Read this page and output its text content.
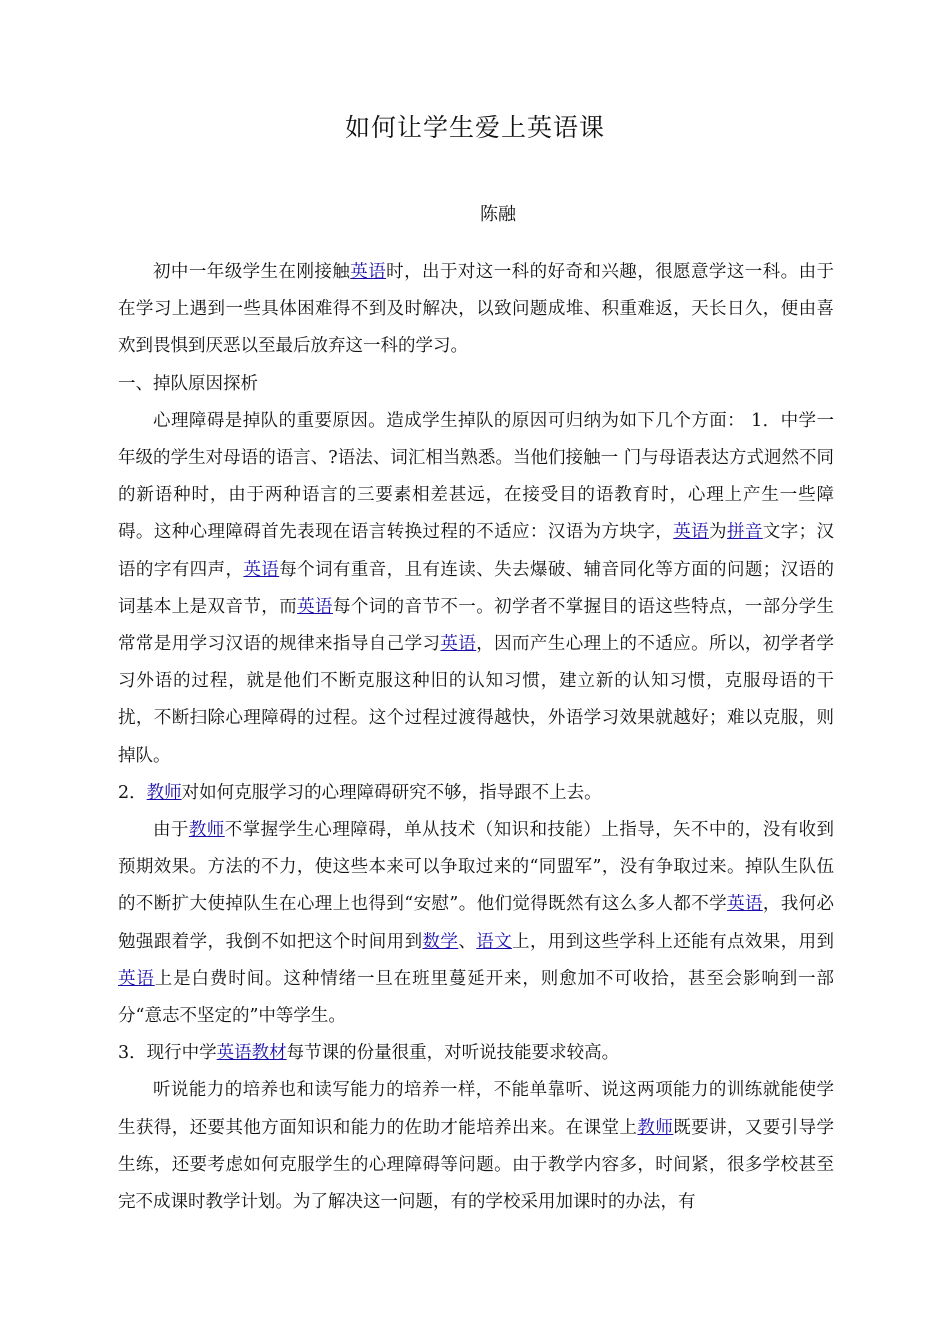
如何让学生爱上英语课
陈融

初中一年级学生在刚接触英语时，出于对这一科的好奇和兴趣，很愿意学这一科。由于在学习上遇到一些具体困难得不到及时解决，以致问题成堆、积重难返，天长日久，便由喜欢到畏惧到厌恶以至最后放弃这一科的学习。

一、掉队原因探析

心理障碍是掉队的重要原因。造成学生掉队的原因可归纳为如下几个方面： 1．中学一年级的学生对母语的语言、?语法、词汇相当熟悉。当他们接触一 门与母语表达方式迥然不同的新语种时，由于两种语言的三要素相差甚远，在接受目的语教育时，心理上产生一些障碍。这种心理障碍首先表现在语言转换过程的不适应：汉语为方块字，英语为拼音文字；汉语的字有四声，英语每个词有重音，且有连读、失去爆破、辅音同化等方面的问题；汉语的词基本上是双音节，而英语每个词的音节不一。初学者不掌握目的语这些特点，一部分学生常常是用学习汉语的规律来指导自己学习英语，因而产生心理上的不适应。所以，初学者学习外语的过程，就是他们不断克服这种旧的认知习惯，建立新的认知习惯，克服母语的干扰，不断扫除心理障碍的过程。这个过程过渡得越快，外语学习效果就越好；难以克服，则掉队。

2．教师对如何克服学习的心理障碍研究不够，指导跟不上去。

由于教师不掌握学生心理障碍，单从技术（知识和技能）上指导，矢不中的，没有收到预期效果。方法的不力，使这些本来可以争取过来的“同盟军”，没有争取过来。掉队生队伍的不断扩大使掉队生在心理上也得到“安慰”。他们觉得既然有这么多人都不学英语，我何必勉强跟着学，我倒不如把这个时间用到数学、语文上，用到这些学科上还能有点效果，用到英语上是白费时间。这种情绪一旦在班里蔓延开来，则愈加不可收拾，甚至会影响到一部分“意志不坚定的”中等学生。

3．现行中学英语教材每节课的份量很重，对听说技能要求较高。

听说能力的培养也和读写能力的培养一样，不能单靠听、说这两项能力的训练就能使学生获得，还要其他方面知识和能力的佐助才能培养出来。在课堂上教师既要讲，又要引导学生练，还要考虑如何克服学生的心理障碍等问题。由于教学内容多，时间紧，很多学校甚至完不成课时教学计划。为了解决这一问题，有的学校采用加课时的办法，有
